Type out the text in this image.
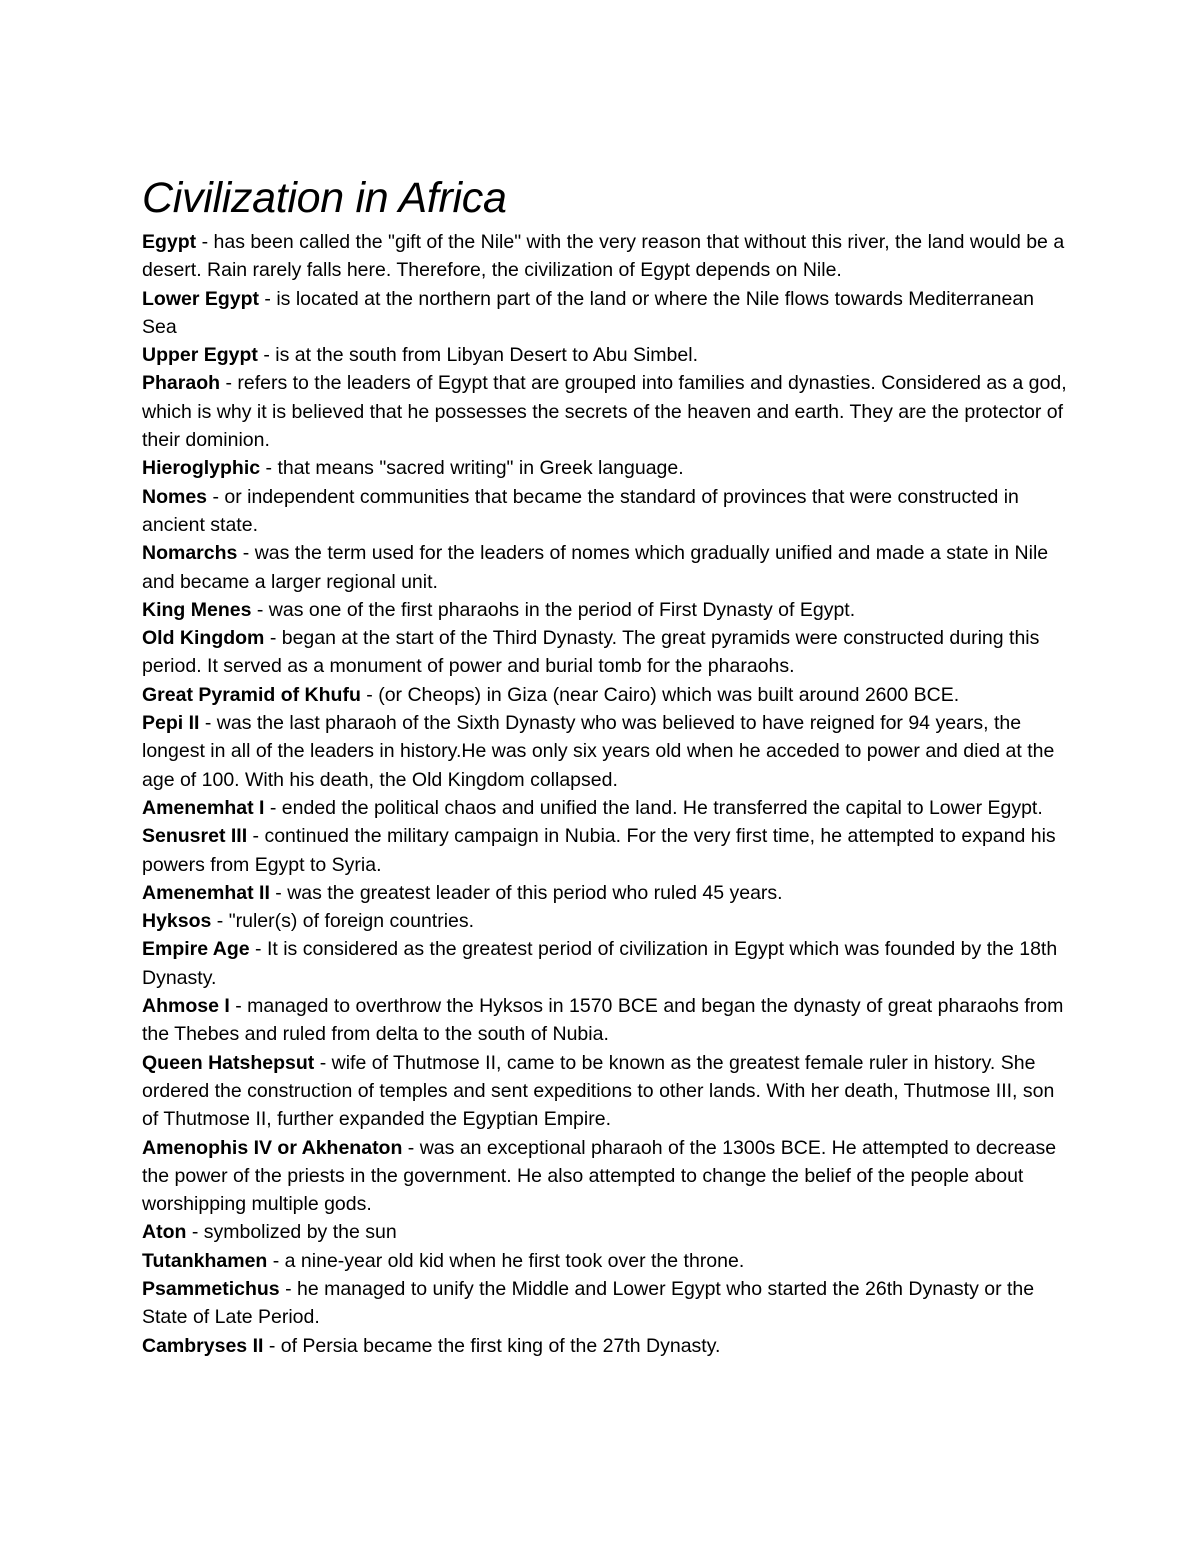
Civilization in Africa
Egypt - has been called the "gift of the Nile" with the very reason that without this river, the land would be a desert. Rain rarely falls here. Therefore, the civilization of Egypt depends on Nile.
Lower Egypt - is located at the northern part of the land or where the Nile flows towards Mediterranean Sea
Upper Egypt - is at the south from Libyan Desert to Abu Simbel.
Pharaoh - refers to the leaders of Egypt that are grouped into families and dynasties. Considered as a god, which is why it is believed that he possesses the secrets of the heaven and earth. They are the protector of their dominion.
Hieroglyphic - that means "sacred writing" in Greek language.
Nomes - or independent communities that became the standard of provinces that were constructed in ancient state.
Nomarchs - was the term used for the leaders of nomes which gradually unified and made a state in Nile and became a larger regional unit.
King Menes - was one of the first pharaohs in the period of First Dynasty of Egypt.
Old Kingdom - began at the start of the Third Dynasty. The great pyramids were constructed during this period. It served as a monument of power and burial tomb for the pharaohs.
Great Pyramid of Khufu - (or Cheops) in Giza (near Cairo) which was built around 2600 BCE.
Pepi II - was the last pharaoh of the Sixth Dynasty who was believed to have reigned for 94 years, the longest in all of the leaders in history.He was only six years old when he acceded to power and died at the age of 100. With his death, the Old Kingdom collapsed.
Amenemhat I - ended the political chaos and unified the land. He transferred the capital to Lower Egypt.
Senusret III - continued the military campaign in Nubia. For the very first time, he attempted to expand his powers from Egypt to Syria.
Amenemhat II - was the greatest leader of this period who ruled 45 years.
Hyksos - "ruler(s) of foreign countries.
Empire Age - It is considered as the greatest period of civilization in Egypt which was founded by the 18th Dynasty.
Ahmose I - managed to overthrow the Hyksos in 1570 BCE and began the dynasty of great pharaohs from the Thebes and ruled from delta to the south of Nubia.
Queen Hatshepsut - wife of Thutmose II, came to be known as the greatest female ruler in history. She ordered the construction of temples and sent expeditions to other lands. With her death, Thutmose III, son of Thutmose II, further expanded the Egyptian Empire.
Amenophis IV or Akhenaton - was an exceptional pharaoh of the 1300s BCE. He attempted to decrease the power of the priests in the government. He also attempted to change the belief of the people about worshipping multiple gods.
Aton - symbolized by the sun
Tutankhamen - a nine-year old kid when he first took over the throne.
Psammetichus - he managed to unify the Middle and Lower Egypt who started the 26th Dynasty or the State of Late Period.
Cambryses II - of Persia became the first king of the 27th Dynasty.
